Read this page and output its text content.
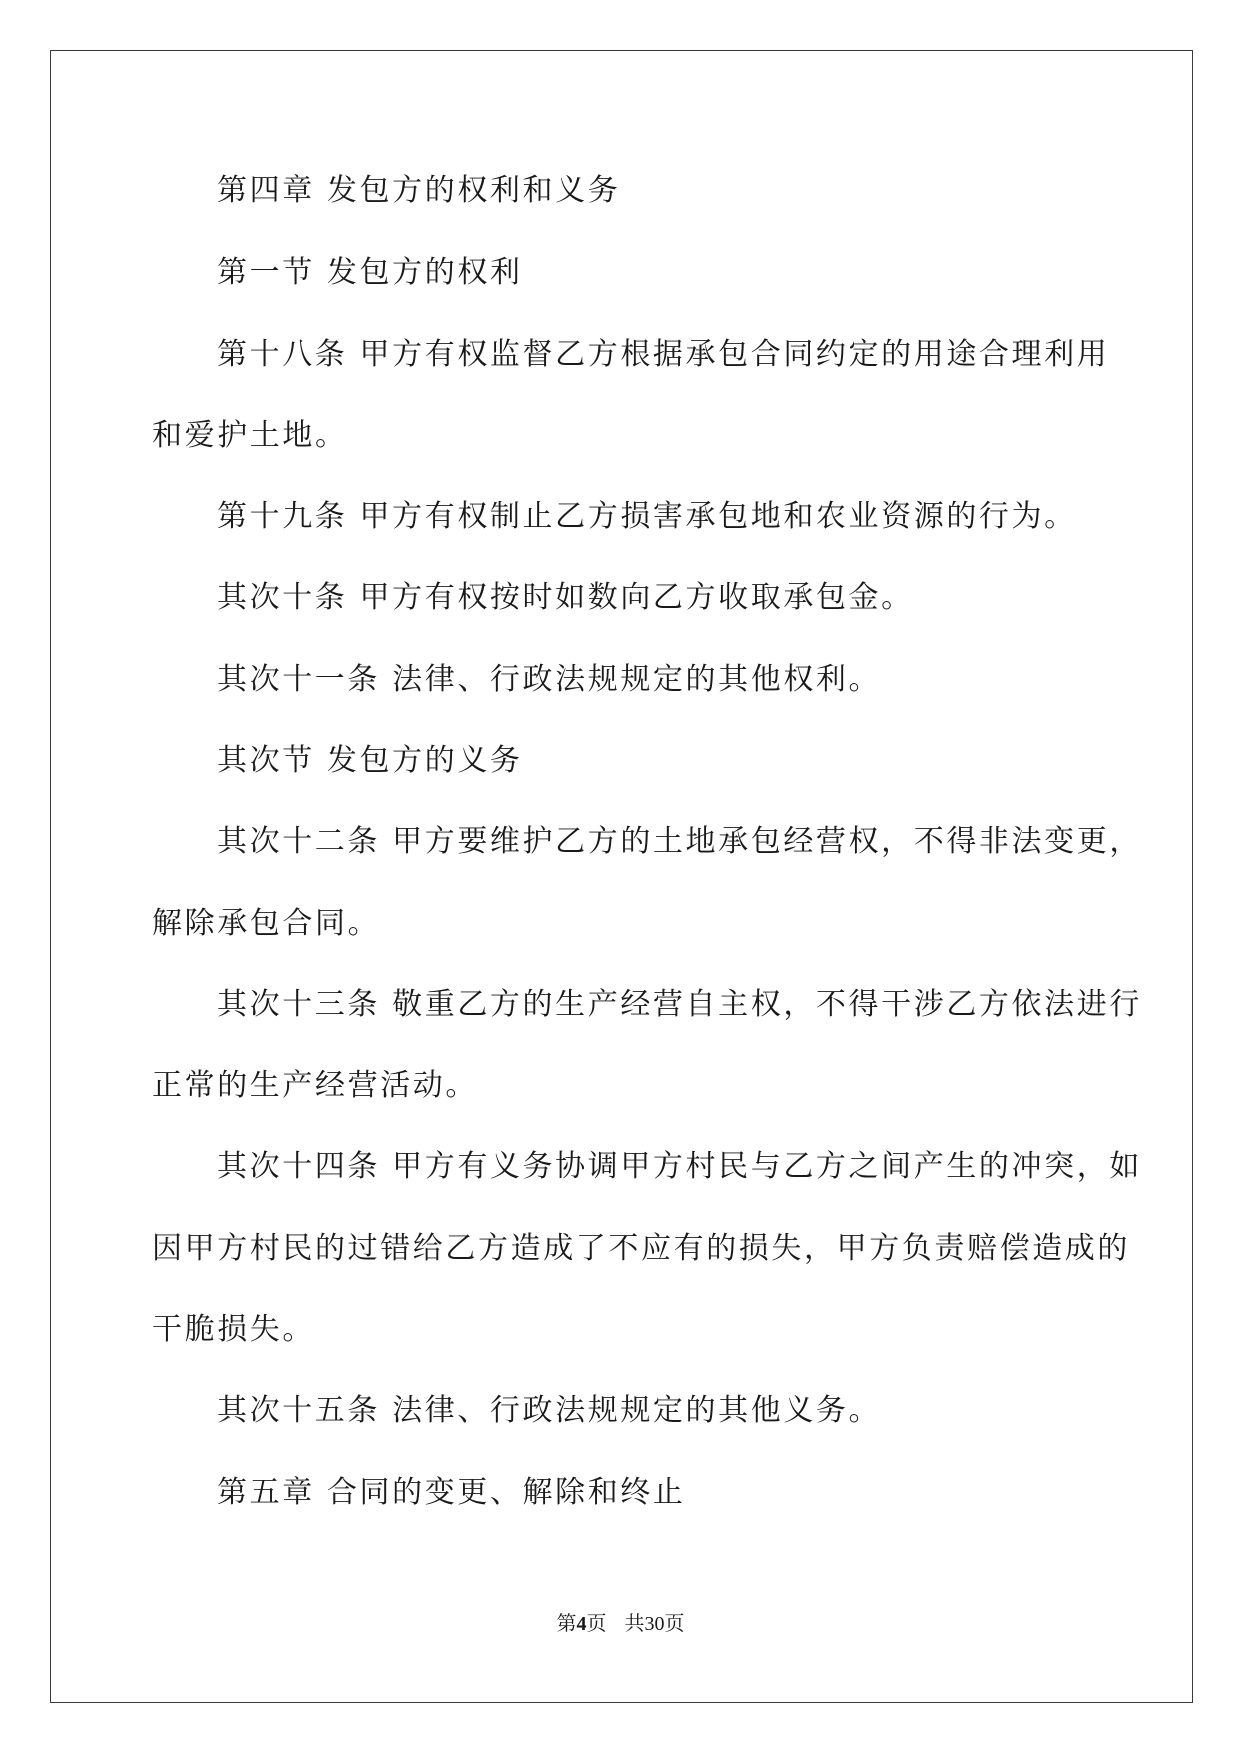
第四章 发包方的权利和义务
第一节 发包方的权利
第十八条 甲方有权监督乙方根据承包合同约定的用途合理利用
和爱护土地。
第十九条 甲方有权制止乙方损害承包地和农业资源的行为。
其次十条 甲方有权按时如数向乙方收取承包金。
其次十一条 法律、行政法规规定的其他权利。
其次节 发包方的义务
其次十二条 甲方要维护乙方的土地承包经营权，不得非法变更，
解除承包合同。
其次十三条 敬重乙方的生产经营自主权，不得干涉乙方依法进行
正常的生产经营活动。
其次十四条 甲方有义务协调甲方村民与乙方之间产生的冲突，如
因甲方村民的过错给乙方造成了不应有的损失，甲方负责赔偿造成的
干脆损失。
其次十五条 法律、行政法规规定的其他义务。
第五章 合同的变更、解除和终止
第4页 共30页
